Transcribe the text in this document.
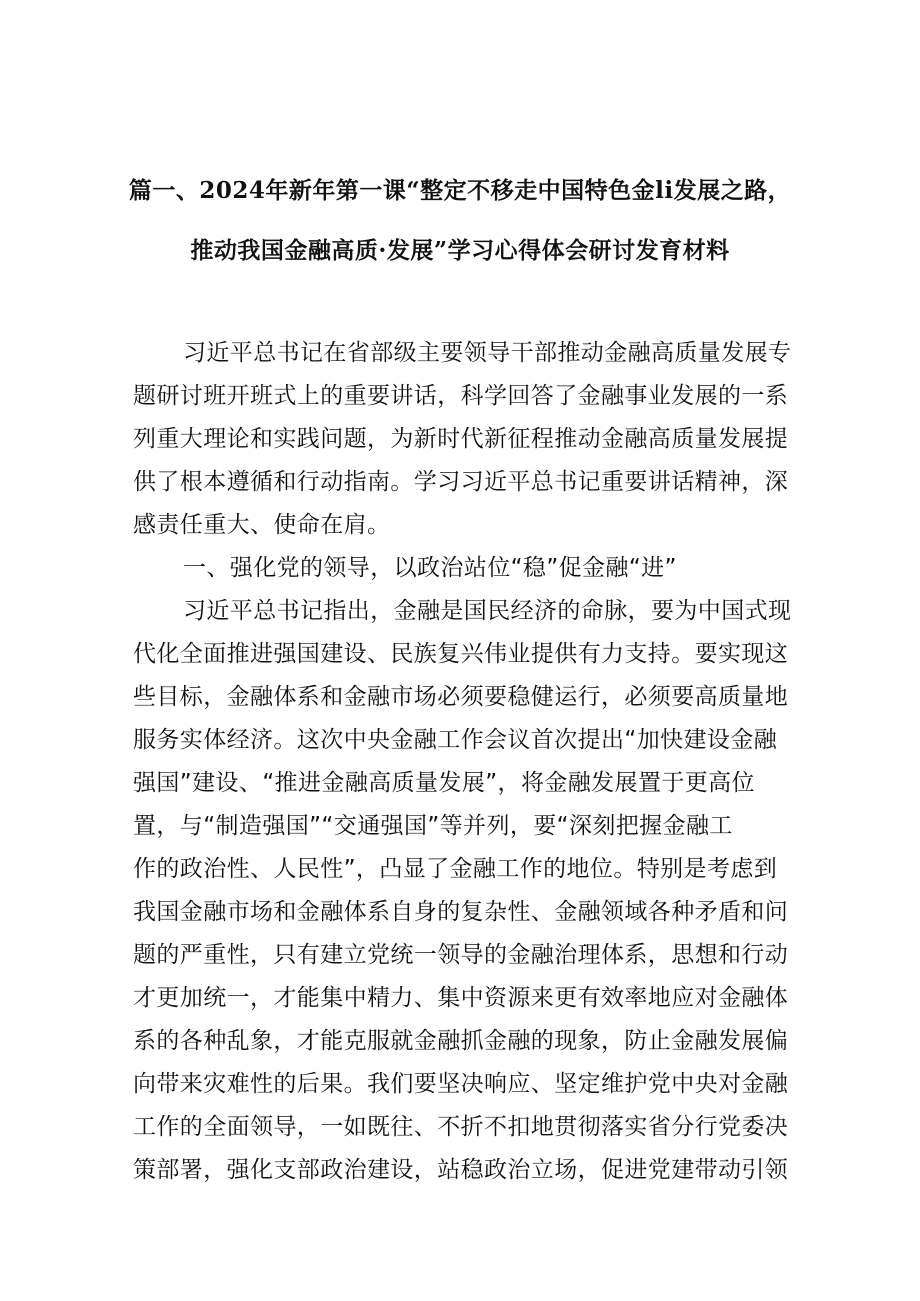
篇一、2024年新年第一课“整定不移走中国特色金li发展之路，
推动我国金融高质·发展”学习心得体会研讨发育材料
习近平总书记在省部级主要领导干部推动金融高质量发展专
题研讨班开班式上的重要讲话，科学回答了金融事业发展的一系
列重大理论和实践问题，为新时代新征程推动金融高质量发展提
供了根本遵循和行动指南。学习习近平总书记重要讲话精神，深
感责任重大、使命在肩。
一、强化党的领导，以政治站位“稳”促金融“进”
习近平总书记指出，金融是国民经济的命脉，要为中国式现
代化全面推进强国建设、民族复兴伟业提供有力支持。要实现这
些目标，金融体系和金融市场必须要稳健运行，必须要高质量地
服务实体经济。这次中央金融工作会议首次提出“加快建设金融
强国”建设、“推进金融高质量发展”，将金融发展置于更高位
置，与“制造强国”“交通强国”等并列，要“深刻把握金融工
作的政治性、人民性”，凸显了金融工作的地位。特别是考虑到
我国金融市场和金融体系自身的复杂性、金融领域各种矛盾和问
题的严重性，只有建立党统一领导的金融治理体系，思想和行动
才更加统一，才能集中精力、集中资源来更有效率地应对金融体
系的各种乱象，才能克服就金融抓金融的现象，防止金融发展偏
向带来灾难性的后果。我们要坚决响应、坚定维护党中央对金融
工作的全面领导，一如既往、不折不扣地贯彻落实省分行党委决
策部署，强化支部政治建设，站稳政治立场，促进党建带动引领
